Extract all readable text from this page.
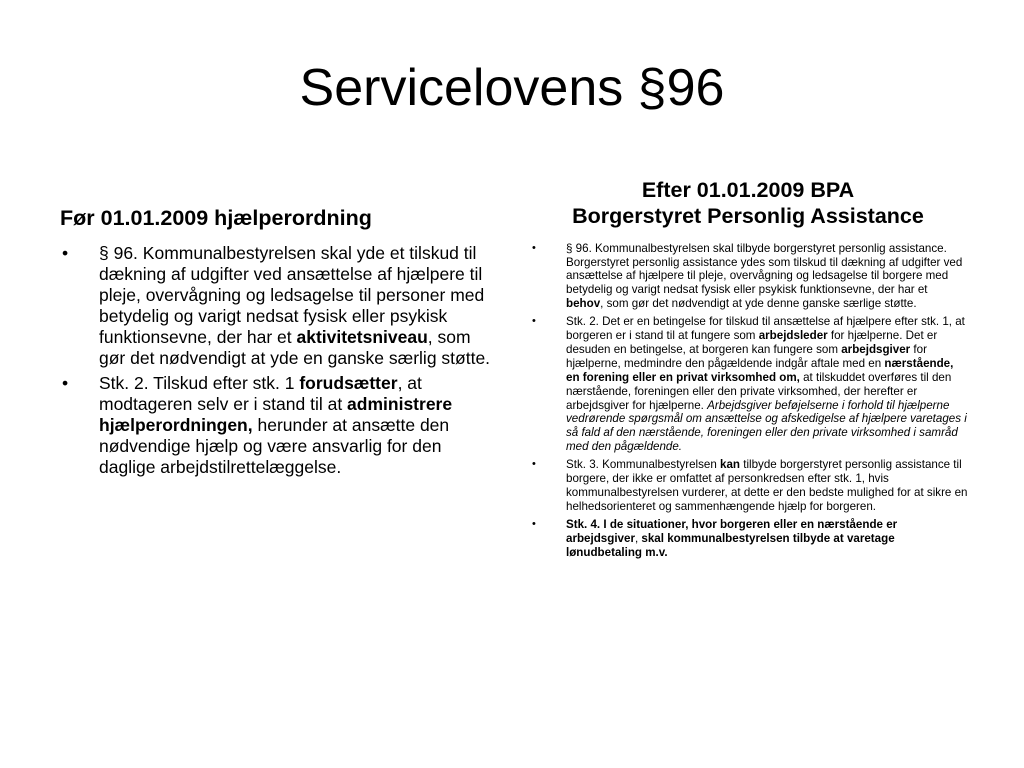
Servicelovens §96
Før 01.01.2009 hjælperordning
• § 96. Kommunalbestyrelsen skal yde et tilskud til dækning af udgifter ved ansættelse af hjælpere til pleje, overvågning og ledsagelse til personer med betydelig og varigt nedsat fysisk eller psykisk funktionsevne, der har et aktivitetsniveau, som gør det nødvendigt at yde en ganske særlig støtte.
• Stk. 2. Tilskud efter stk. 1 forudsætter, at modtageren selv er i stand til at administrere hjælperordningen, herunder at ansætte den nødvendige hjælp og være ansvarlig for den daglige arbejdstilrettelæggelse.
Efter 01.01.2009 BPA
Borgerstyret Personlig Assistance
•	§ 96. Kommunalbestyrelsen skal tilbyde borgerstyret personlig assistance. Borgerstyret personlig assistance ydes som tilskud til dækning af udgifter ved ansættelse af hjælpere til pleje, overvågning og ledsagelse til borgere med betydelig og varigt nedsat fysisk eller psykisk funktionsevne, der har et behov, som gør det nødvendigt at yde denne ganske særlige støtte.
•	Stk. 2. Det er en betingelse for tilskud til ansættelse af hjælpere efter stk. 1, at borgeren er i stand til at fungere som arbejdsleder for hjælperne. Det er desuden en betingelse, at borgeren kan fungere som arbejdsgiver for hjælperne, medmindre den pågældende indgår aftale med en nærstående, en forening eller en privat virksomhed om, at tilskuddet overføres til den nærstående, foreningen eller den private virksomhed, der herefter er arbejdsgiver for hjælperne. Arbejdsgiver beføjelserne i forhold til hjælperne vedrørende spørgsmål om ansættelse og afskedigelse af hjælpere varetages i så fald af den nærstående, foreningen eller den private virksomhed i samråd med den pågældende.
•	Stk. 3. Kommunalbestyrelsen kan tilbyde borgerstyret personlig assistance til borgere, der ikke er omfattet af personkredsen efter stk. 1, hvis kommunalbestyrelsen vurderer, at dette er den bedste mulighed for at sikre en helhedsorienteret og sammenhængende hjælp for borgeren.
•	Stk. 4. I de situationer, hvor borgeren eller en nærstående er arbejdsgiver, skal kommunalbestyrelsen tilbyde at varetage lønudbetaling m.v.
